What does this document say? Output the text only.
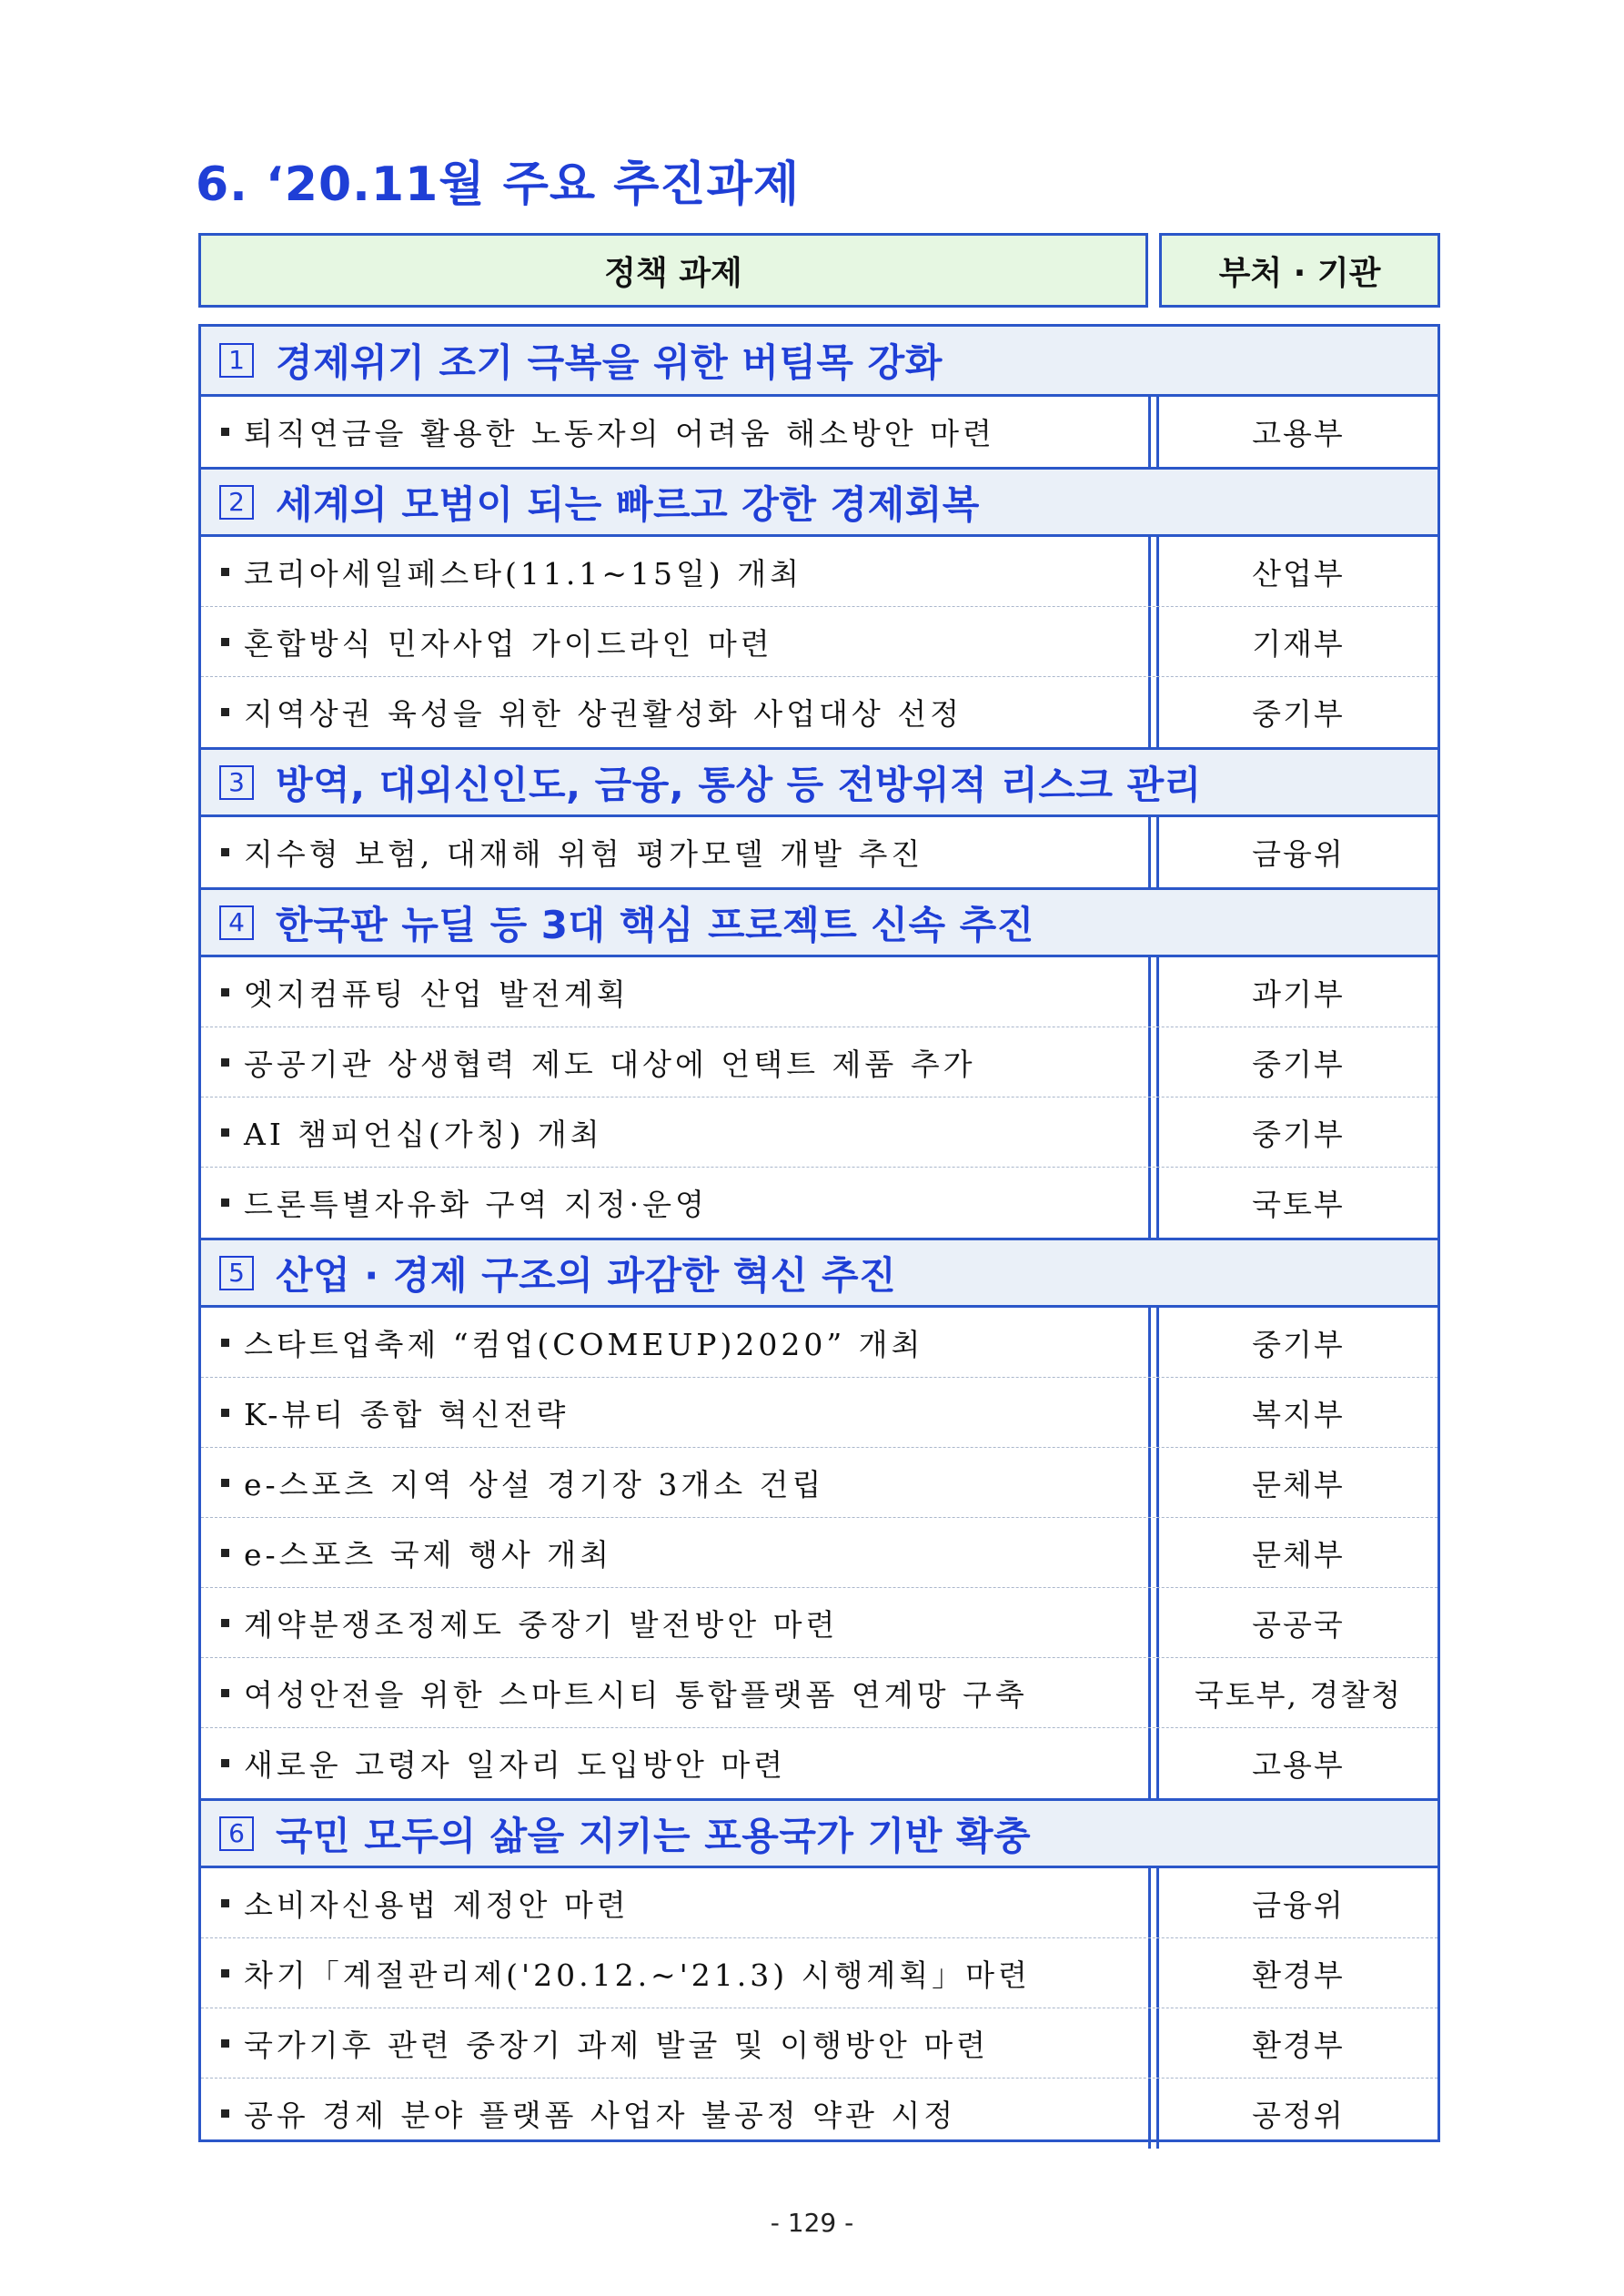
6. ‘20.11월 주요 추진과제
정책 과제	부처 · 기관
1 경제위기 조기 극복을 위한 버팀목 강화
퇴직연금을 활용한 노동자의 어려움 해소방안 마련	고용부
2 세계의 모범이 되는 빠르고 강한 경제회복
코리아세일페스타(11.1~15일) 개최	산업부
혼합방식 민자사업 가이드라인 마련	기재부
지역상권 육성을 위한 상권활성화 사업대상 선정	중기부
3 방역, 대외신인도, 금융, 통상 등 전방위적 리스크 관리
지수형 보험, 대재해 위험 평가모델 개발 추진	금융위
4 한국판 뉴딜 등 3대 핵심 프로젝트 신속 추진
엣지컴퓨팅 산업 발전계획	과기부
공공기관 상생협력 제도 대상에 언택트 제품 추가	중기부
AI 챔피언십(가칭) 개최	중기부
드론특별자유화 구역 지정·운영	국토부
5 산업 · 경제 구조의 과감한 혁신 추진
스타트업축제 “컴업(COMEUP)2020” 개최	중기부
K-뷰티 종합 혁신전략	복지부
e-스포츠 지역 상설 경기장 3개소 건립	문체부
e-스포츠 국제 행사 개최	문체부
계약분쟁조정제도 중장기 발전방안 마련	공공국
여성안전을 위한 스마트시티 통합플랫폼 연계망 구축	국토부, 경찰청
새로운 고령자 일자리 도입방안 마련	고용부
6 국민 모두의 삶을 지키는 포용국가 기반 확충
소비자신용법 제정안 마련	금융위
차기「계절관리제('20.12.~'21.3) 시행계획」마련	환경부
국가기후 관련 중장기 과제 발굴 및 이행방안 마련	환경부
공유 경제 분야 플랫폼 사업자 불공정 약관 시정	공정위
- 129 -
